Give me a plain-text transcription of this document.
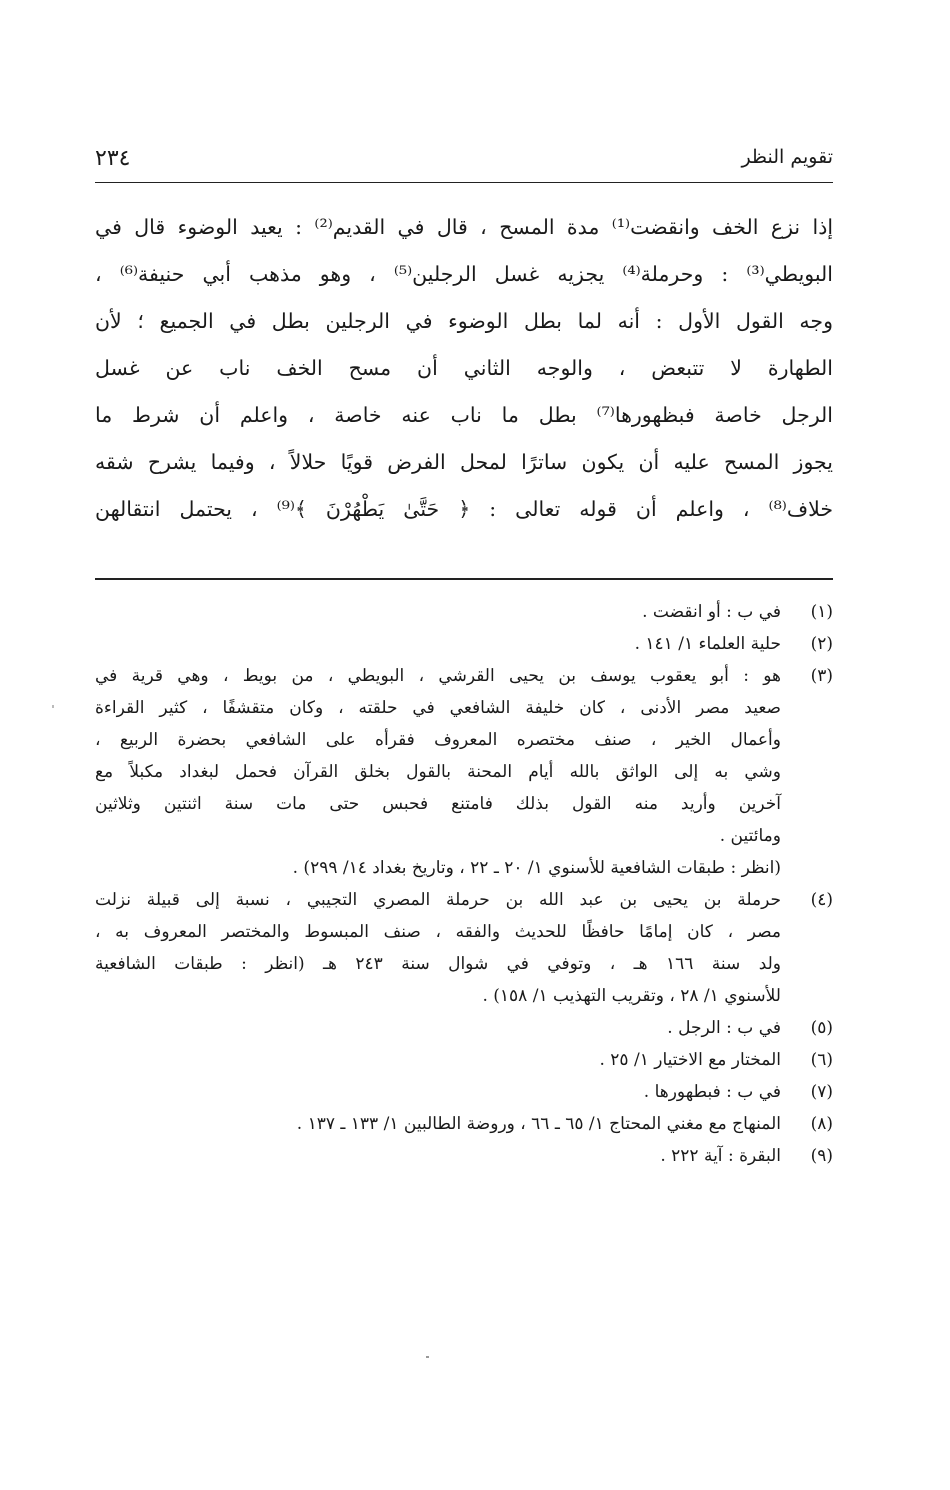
تقويم النظر
٢٣٤
إذا نزع الخف وانقضت⁽¹⁾ مدة المسح ، قال في القديم⁽²⁾ : يعيد الوضوء قال في
البويطي⁽³⁾ : وحرملة⁽⁴⁾ يجزيه غسل الرجلين⁽⁵⁾ ، وهو مذهب أبي حنيفة⁽⁶⁾ ،
وجه القول الأول : أنه لما بطل الوضوء في الرجلين بطل في الجميع ؛ لأن
الطهارة لا تتبعض ، والوجه الثاني أن مسح الخف ناب عن غسل
الرجل خاصة فبظهورها⁽⁷⁾ بطل ما ناب عنه خاصة ، واعلم أن شرط ما
يجوز المسح عليه أن يكون ساترًا لمحل الفرض قويًا حلالاً ، وفيما يشرح شقه
خلاف⁽⁸⁾ ، واعلم أن قوله تعالى : ﴿ حَتَّىٰ يَطْهُرْنَ ﴾⁽⁹⁾ ، يحتمل انتقالهن
(١)
في ب : أو انقضت .
(٢)
حلية العلماء ١/ ١٤١ .
(٣)
هو : أبو يعقوب يوسف بن يحيى القرشي ، البويطي ، من بويط ، وهي قرية في
صعيد مصر الأدنى ، كان خليفة الشافعي في حلقته ، وكان متقشفًا ، كثير القراءة
وأعمال الخير ، صنف مختصره المعروف فقرأه على الشافعي بحضرة الربيع ،
وشي به إلى الواثق بالله أيام المحنة بالقول بخلق القرآن فحمل لبغداد مكبلاً مع
آخرين وأريد منه القول بذلك فامتنع فحبس حتى مات سنة اثنتين وثلاثين
ومائتين .
(انظر : طبقات الشافعية للأسنوي ١/ ٢٠ ـ ٢٢ ، وتاريخ بغداد ١٤/ ٢٩٩) .
(٤)
حرملة بن يحيى بن عبد الله بن حرملة المصري التجيبي ، نسبة إلى قبيلة نزلت
مصر ، كان إمامًا حافظًا للحديث والفقه ، صنف المبسوط والمختصر المعروف به ،
ولد سنة ١٦٦ هـ ، وتوفي في شوال سنة ٢٤٣ هـ (انظر : طبقات الشافعية
للأسنوي ١/ ٢٨ ، وتقريب التهذيب ١/ ١٥٨) .
(٥)
في ب : الرجل .
(٦)
المختار مع الاختيار ١/ ٢٥ .
(٧)
في ب : فبطهورها .
(٨)
المنهاج مع مغني المحتاج ١/ ٦٥ ـ ٦٦ ، وروضة الطالبين ١/ ١٣٣ ـ ١٣٧ .
(٩)
البقرة : آية ٢٢٢ .
